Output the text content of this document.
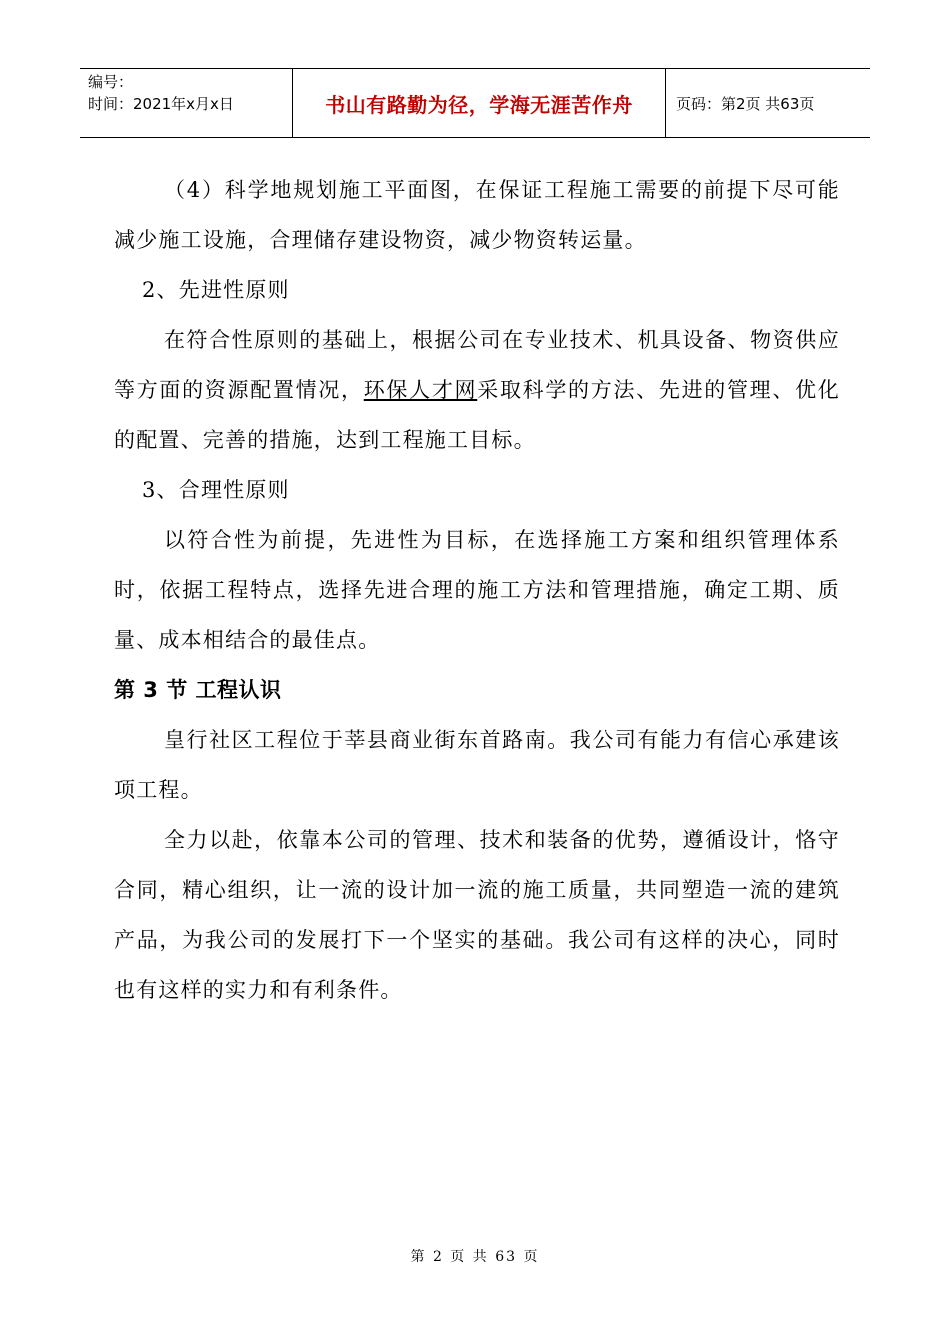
编号：
时间：2021年x月x日	书山有路勤为径，学海无涯苦作舟	页码：第2页 共63页

（4）科学地规划施工平面图，在保证工程施工需要的前提下尽可能减少施工设施，合理储存建设物资，减少物资转运量。

2、先进性原则

在符合性原则的基础上，根据公司在专业技术、机具设备、物资供应等方面的资源配置情况，环保人才网采取科学的方法、先进的管理、优化的配置、完善的措施，达到工程施工目标。

3、合理性原则

以符合性为前提，先进性为目标，在选择施工方案和组织管理体系时，依据工程特点，选择先进合理的施工方法和管理措施，确定工期、质量、成本相结合的最佳点。

第 3 节 工程认识

皇行社区工程位于莘县商业街东首路南。我公司有能力有信心承建该项工程。

全力以赴，依靠本公司的管理、技术和装备的优势，遵循设计，恪守合同，精心组织，让一流的设计加一流的施工质量，共同塑造一流的建筑产品，为我公司的发展打下一个坚实的基础。我公司有这样的决心，同时也有这样的实力和有利条件。

第 2 页 共 63 页
